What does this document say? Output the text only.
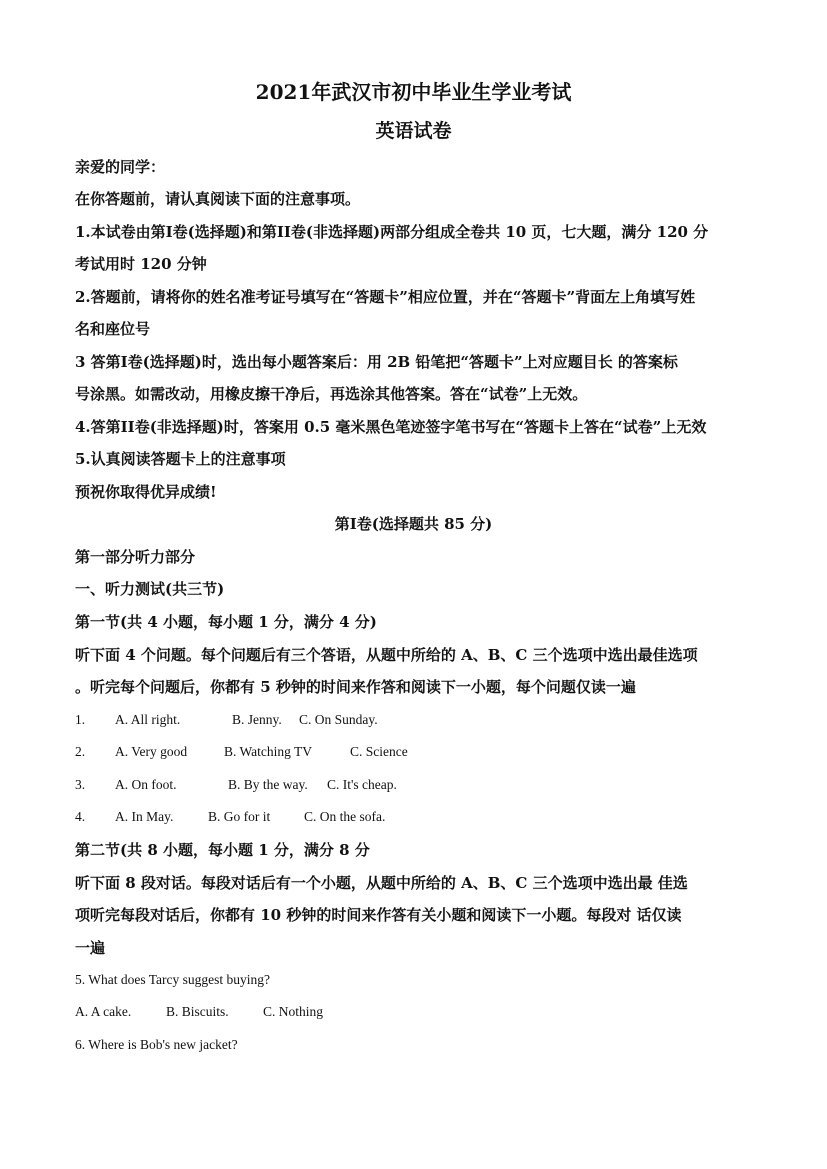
2021年武汉市初中毕业生学业考试
英语试卷
亲爱的同学：
在你答题前，请认真阅读下面的注意事项。
1.本试卷由第Ⅰ卷(选择题)和第II卷(非选择题)两部分组成全卷共 10 页，七大题，满分 120 分
考试用时 120 分钟
2.答题前，请将你的姓名准考证号填写在“答题卡”相应位置，并在“答题卡”背面左上角填写姓
名和座位号
3 答第Ⅰ卷(选择题)时，选出每小题答案后：用 2B 铅笔把“答题卡”上对应题目长 的答案标
号涂黑。如需改动，用橡皮擦干净后，再选涂其他答案。答在“试卷”上无效。
4.答第II卷(非选择题)时，答案用 0.5 毫米黑色笔迹签字笔书写在“答题卡上答在“试卷”上无效
5.认真阅读答题卡上的注意事项
预祝你取得优异成绩!
第Ⅰ卷(选择题共 85 分)
第一部分听力部分
一、听力测试(共三节)
第一节(共 4 小题，每小题 1 分，满分 4 分)
听下面 4 个问题。每个问题后有三个答语，从题中所给的 A、B、C 三个选项中选出最佳选项
。听完每个问题后，你都有 5 秒钟的时间来作答和阅读下一小题，每个问题仅读一遍
1. A. All right.	B. Jenny. C. On Sunday.
2. A. Very good	B. Watching TV	C. Science
3. A. On foot.	B. By the way. C. It's cheap.
4. A. In May.	B. Go for it	C. On the sofa.
第二节(共 8 小题，每小题 1 分，满分 8 分
听下面 8 段对话。每段对话后有一个小题，从题中所给的 A、B、C 三个选项中选出最 佳选
项听完每段对话后，你都有 10 秒钟的时间来作答有关小题和阅读下一小题。每段对 话仅读
一遍
5. What does Tarcy suggest buying?
A. A cake.	B. Biscuits.	C. Nothing
6. Where is Bob's new jacket?
